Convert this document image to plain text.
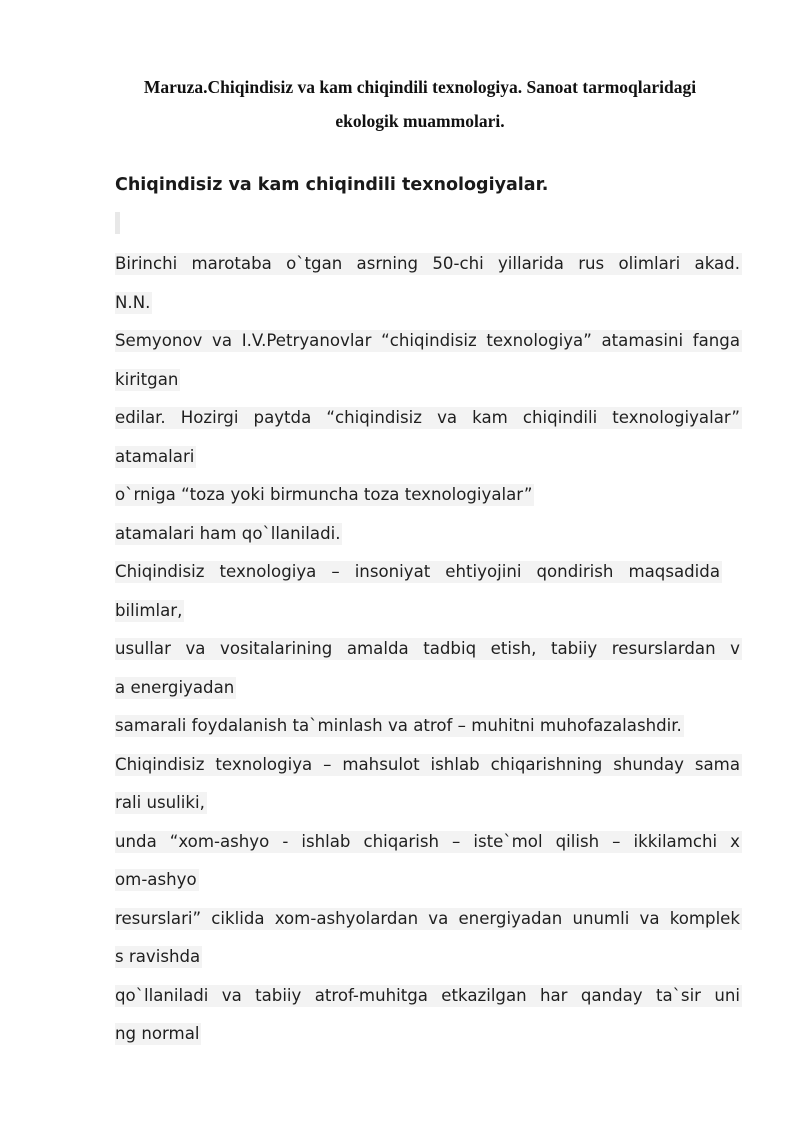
Maruza.Chiqindisiz va kam chiqindili texnologiya. Sanoat tarmoqlaridagi
ekologik muammolari.
Chiqindisiz va kam chiqindili texnologiyalar.
Birinchi marotaba o`tgan asrning 50-chi yillarida rus olimlari akad.
N.N.
Semyonov va I.V.Petryanovlar “chiqindisiz texnologiya” atamasini fanga
kiritgan
edilar. Hozirgi paytda “chiqindisiz va kam chiqindili texnologiyalar”
atamalari
o`rniga “toza yoki birmuncha toza texnologiyalar”
atamalari ham qo`llaniladi.
Chiqindisiz texnologiya – insoniyat ehtiyojini qondirish maqsadida
bilimlar,
usullar va vositalarining amalda tadbiq etish, tabiiy resurslardan v
a energiyadan
samarali foydalanish ta`minlash va atrof – muhitni muhofazalashdir.
Chiqindisiz texnologiya – mahsulot ishlab chiqarishning shunday sama
rali usuliki,
unda “xom-ashyo - ishlab chiqarish – iste`mol qilish – ikkilamchi x
om-ashyo
resurslari” ciklida xom-ashyolardan va energiyadan unumli va komplek
s ravishda
qo`llaniladi va tabiiy atrof-muhitga etkazilgan har qanday ta`sir uni
ng normal
